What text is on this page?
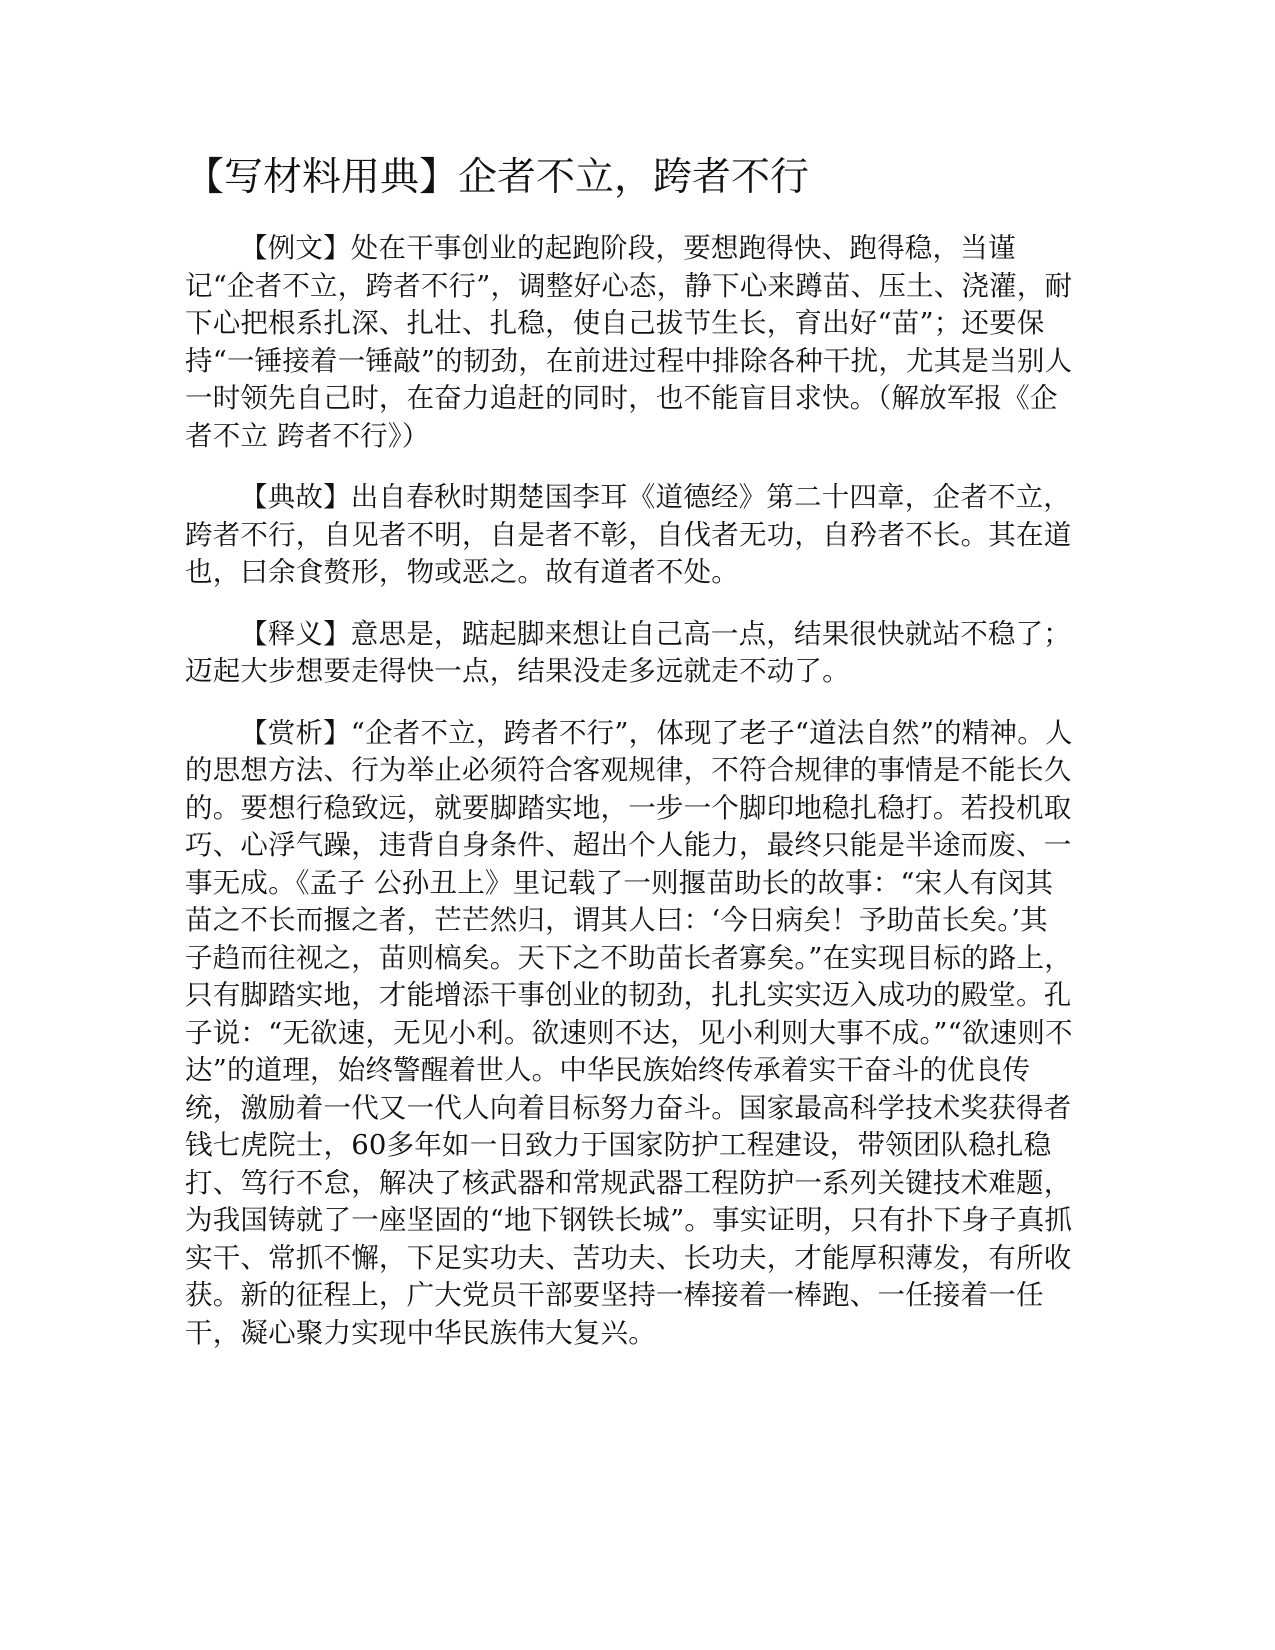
【写材料用典】企者不立，跨者不行

【例文】处在干事创业的起跑阶段，要想跑得快、跑得稳，当谨记“企者不立，跨者不行”，调整好心态，静下心来蹲苗、压土、浇灌，耐下心把根系扎深、扎壮、扎稳，使自己拔节生长，育出好“苗”；还要保持“一锤接着一锤敲”的韧劲，在前进过程中排除各种干扰，尤其是当别人一时领先自己时，在奋力追赶的同时，也不能盲目求快。（解放军报《企者不立 跨者不行》）

【典故】出自春秋时期楚国李耳《道德经》第二十四章，企者不立，跨者不行，自见者不明，自是者不彰，自伐者无功，自矜者不长。其在道也，曰余食赘形，物或恶之。故有道者不处。

【释义】意思是，踮起脚来想让自己高一点，结果很快就站不稳了；迈起大步想要走得快一点，结果没走多远就走不动了。

【赏析】“企者不立，跨者不行”，体现了老子“道法自然”的精神。人的思想方法、行为举止必须符合客观规律，不符合规律的事情是不能长久的。要想行稳致远，就要脚踏实地，一步一个脚印地稳扎稳打。若投机取巧、心浮气躁，违背自身条件、超出个人能力，最终只能是半途而废、一事无成。《孟子 公孙丑上》里记载了一则揠苗助长的故事：“宋人有闵其苗之不长而揠之者，芒芒然归，谓其人曰：‘今日病矣！予助苗长矣。’其子趋而往视之，苗则槁矣。天下之不助苗长者寡矣。”在实现目标的路上，只有脚踏实地，才能增添干事创业的韧劲，扎扎实实迈入成功的殿堂。孔子说：“无欲速，无见小利。欲速则不达，见小利则大事不成。”“欲速则不达”的道理，始终警醒着世人。中华民族始终传承着实干奋斗的优良传统，激励着一代又一代人向着目标努力奋斗。国家最高科学技术奖获得者钱七虎院士，60多年如一日致力于国家防护工程建设，带领团队稳扎稳打、笃行不怠，解决了核武器和常规武器工程防护一系列关键技术难题，为我国铸就了一座坚固的“地下钢铁长城”。事实证明，只有扑下身子真抓实干、常抓不懈，下足实功夫、苦功夫、长功夫，才能厚积薄发，有所收获。新的征程上，广大党员干部要坚持一棒接着一棒跑、一任接着一任干，凝心聚力实现中华民族伟大复兴。
